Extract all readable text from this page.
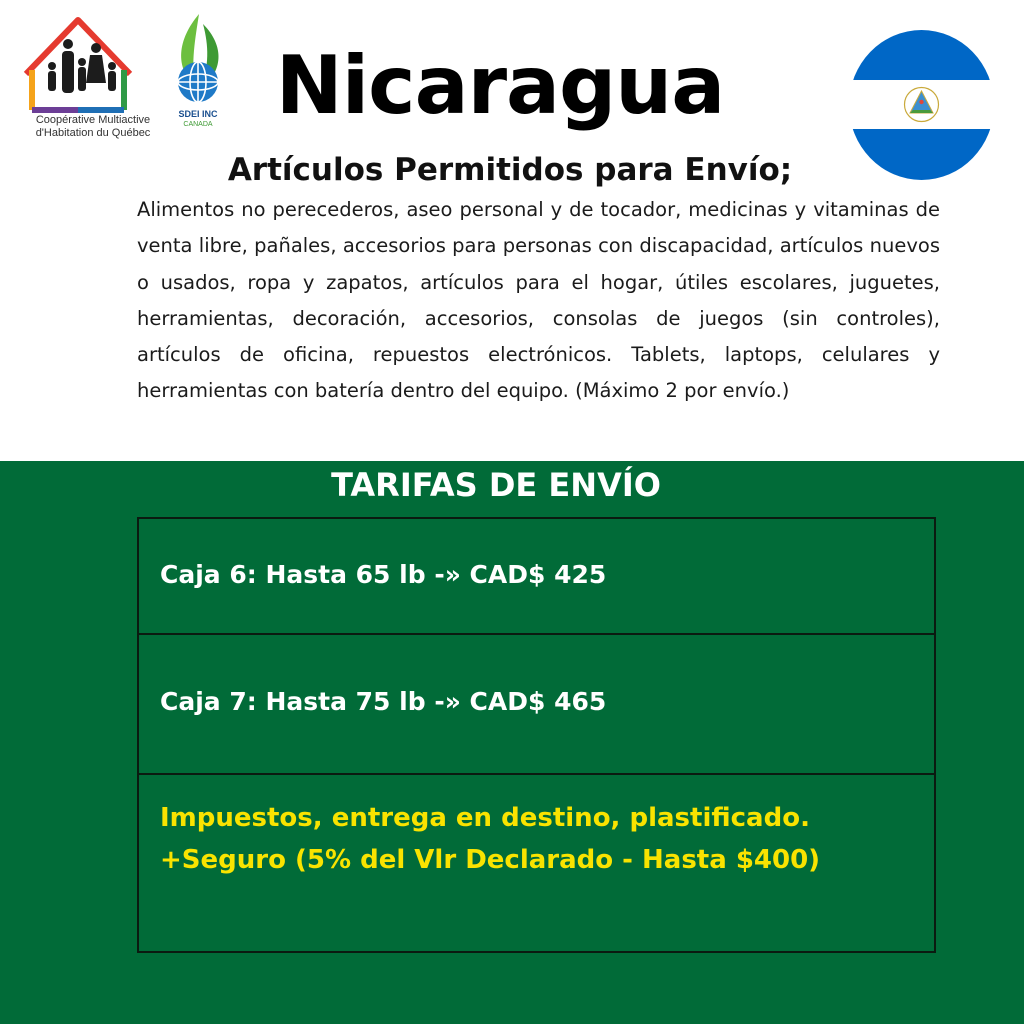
Coopérative Multiactive
d'Habitation du Québec
SDEI INC
CANADA Nicaragua
Artículos Permitidos para Envío;

Alimentos no perecederos, aseo personal y de tocador, medicinas y vitaminas de venta libre, pañales, accesorios para personas con discapacidad, artículos nuevos o usados, ropa y zapatos, artículos para el hogar, útiles escolares, juguetes, herramientas, decoración, accesorios, consolas de juegos (sin controles), artículos de oficina, repuestos electrónicos. Tablets, laptops, celulares y herramientas con batería dentro del equipo. (Máximo 2 por envío.)

TARIFAS DE ENVÍO
Caja 6: Hasta 65 lb -» CAD$ 425
Caja 7: Hasta 75 lb -» CAD$ 465
Impuestos, entrega en destino, plastificado.
+Seguro (5% del Vlr Declarado - Hasta $400)
